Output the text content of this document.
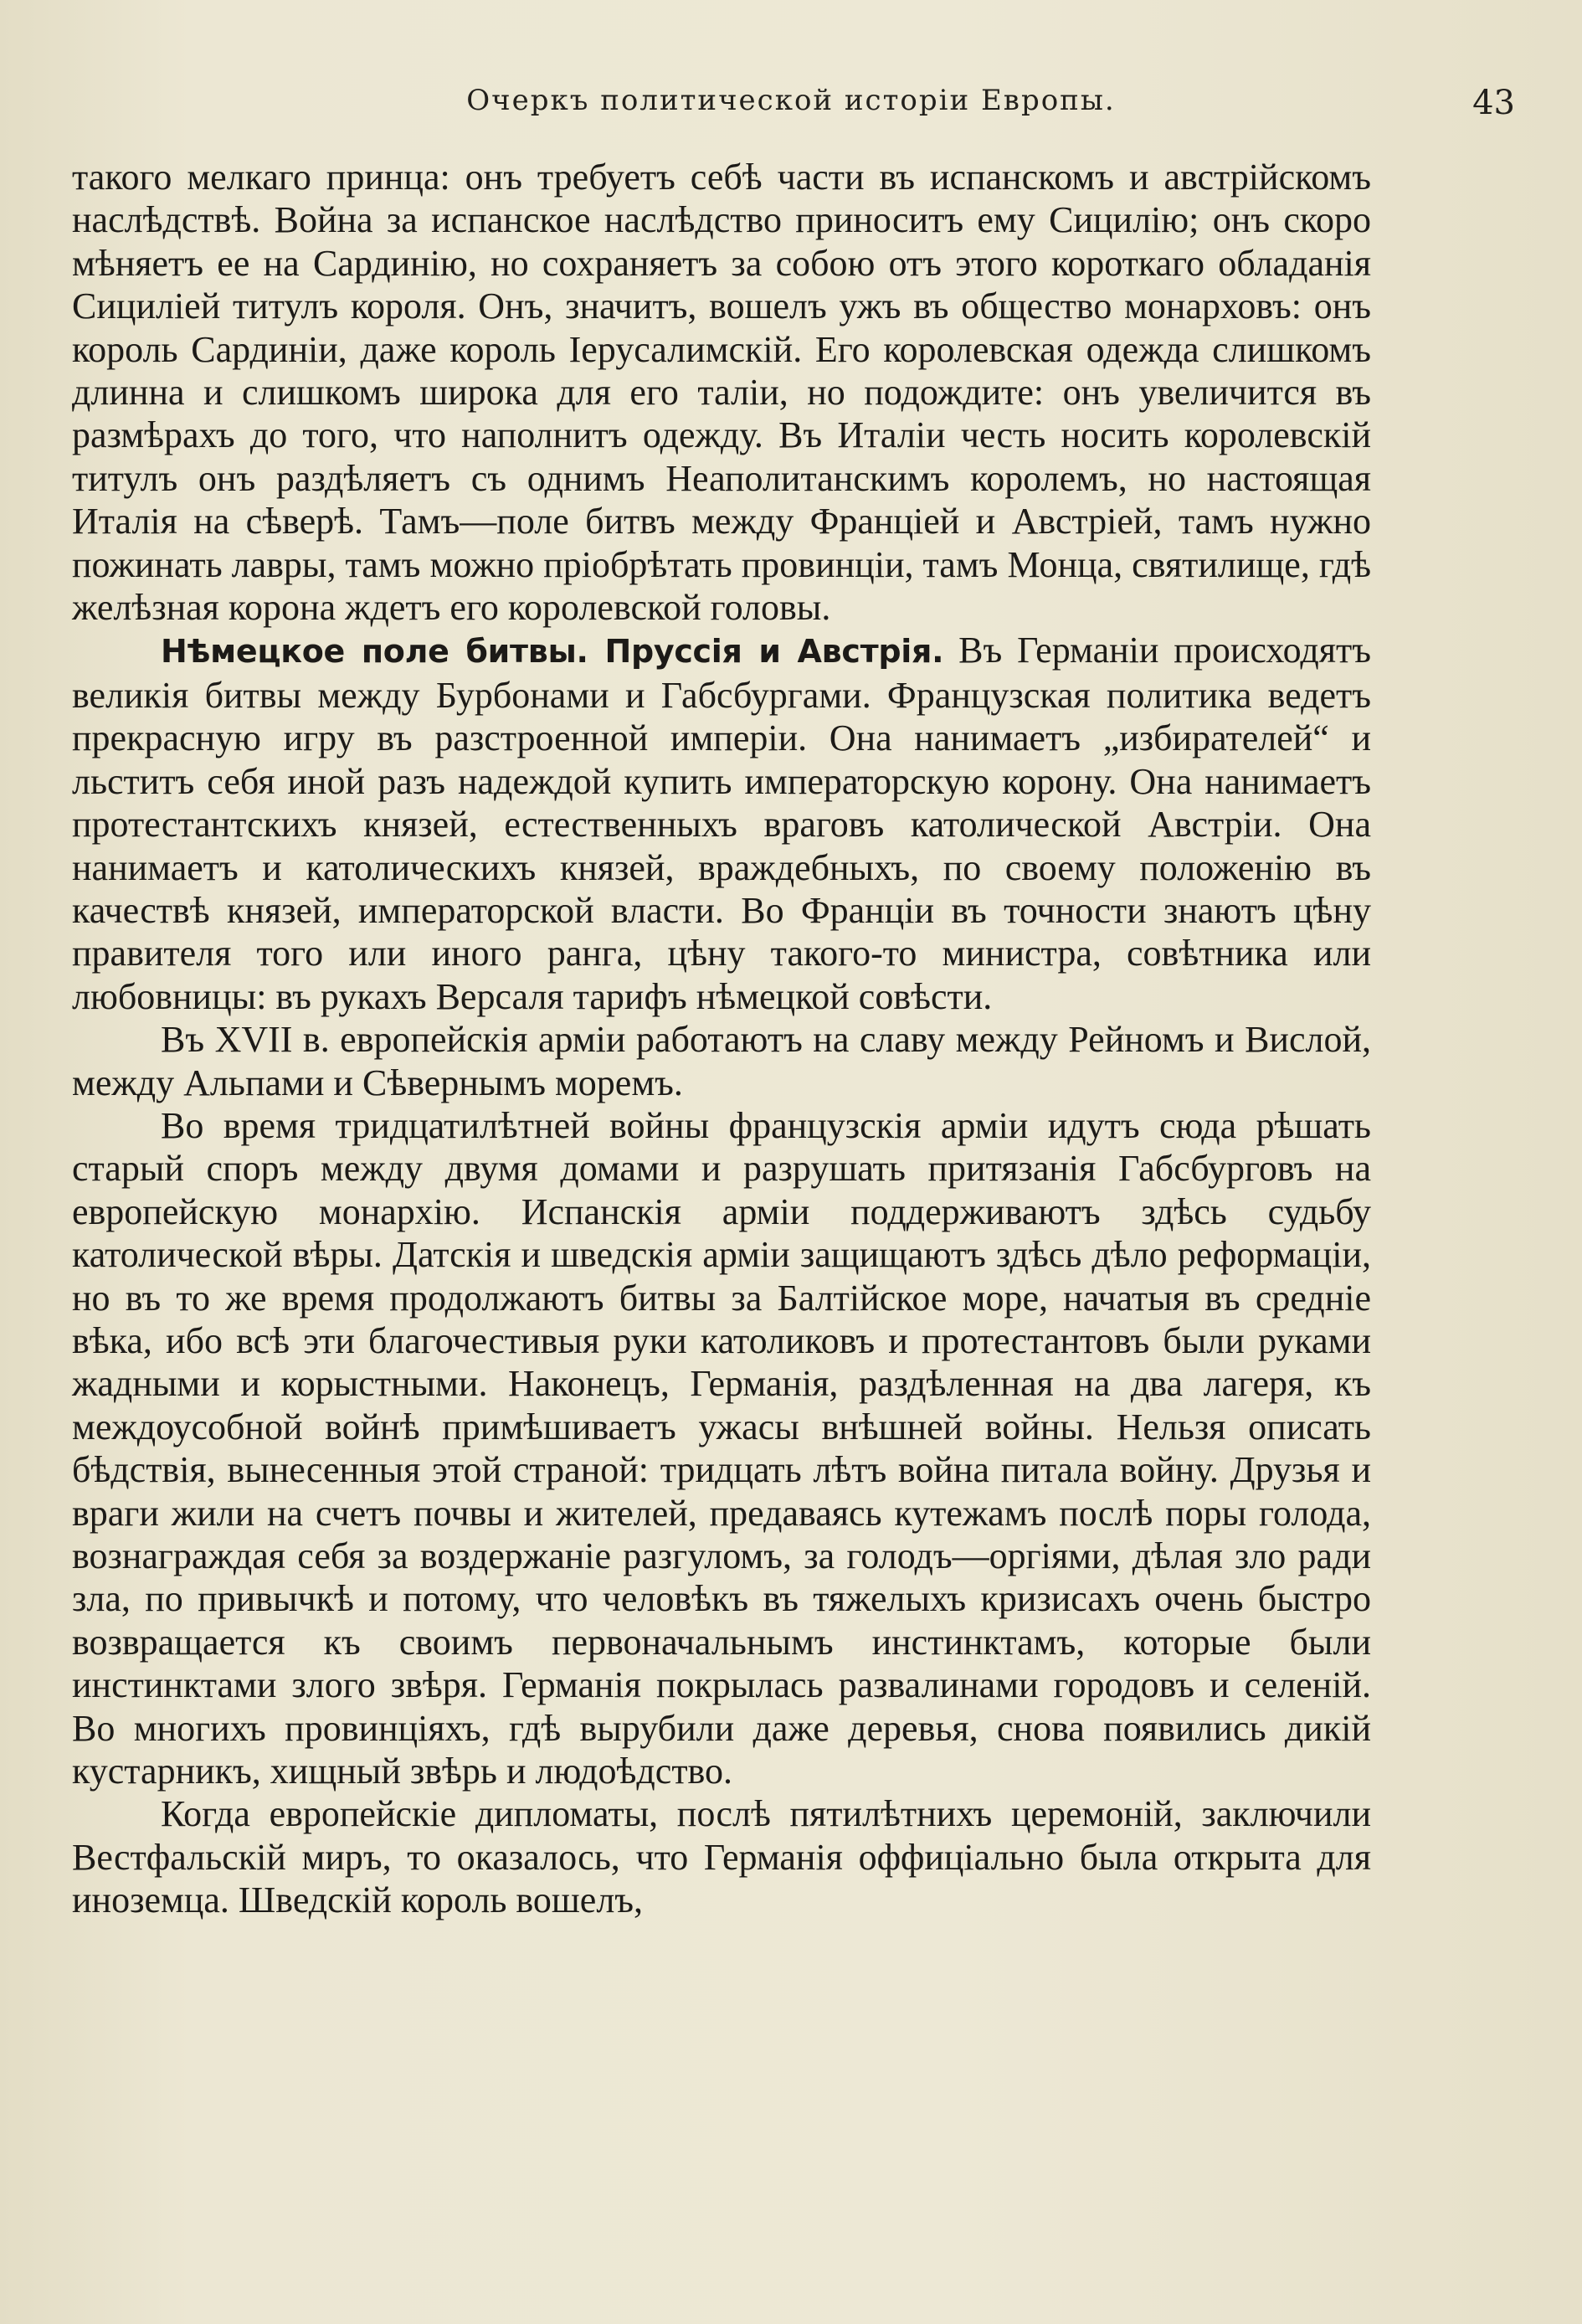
Очеркъ политической исторіи Европы.	43

такого мелкаго принца: онъ требуетъ себѣ части въ испанскомъ и австрійскомъ наслѣдствѣ. Война за испанское наслѣдство приноситъ ему Сицилію; онъ скоро мѣняетъ ее на Сардинію, но сохраняетъ за собою отъ этого короткаго обладанія Сициліей титулъ короля. Онъ, значитъ, вошелъ ужъ въ общество монарховъ: онъ король Сардиніи, даже король Іерусалимскій. Его королевская одежда слишкомъ длинна и слишкомъ широка для его таліи, но подождите: онъ увеличится въ размѣрахъ до того, что наполнитъ одежду. Въ Италіи честь носить королевскій титулъ онъ раздѣляетъ съ однимъ Неаполитанскимъ королемъ, но настоящая Италія на сѣверѣ. Тамъ—поле битвъ между Франціей и Австріей, тамъ нужно пожинать лавры, тамъ можно пріобрѣтать провинціи, тамъ Монца, святилище, гдѣ желѣзная корона ждетъ его королевской головы.

Нѣмецкое поле битвы. Пруссія и Австрія. Въ Германіи происходятъ великія битвы между Бурбонами и Габсбургами. Французская политика ведетъ прекрасную игру въ разстроенной имперіи. Она нанимаетъ „избирателей“ и льститъ себя иной разъ надеждой купить императорскую корону. Она нанимаетъ протестантскихъ князей, естественныхъ враговъ католической Австріи. Она нанимаетъ и католическихъ князей, враждебныхъ, по своему положенію въ качествѣ князей, императорской власти. Во Франціи въ точности знаютъ цѣну правителя того или иного ранга, цѣну такого-то министра, совѣтника или любовницы: въ рукахъ Версаля тарифъ нѣмецкой совѣсти.

Въ XVII в. европейскія арміи работаютъ на славу между Рейномъ и Вислой, между Альпами и Сѣвернымъ моремъ.

Во время тридцатилѣтней войны французскія арміи идутъ сюда рѣшать старый споръ между двумя домами и разрушать притязанія Габсбурговъ на европейскую монархію. Испанскія арміи поддерживаютъ здѣсь судьбу католической вѣры. Датскія и шведскія арміи защищаютъ здѣсь дѣло реформаціи, но въ то же время продолжаютъ битвы за Балтійское море, начатыя въ средніе вѣка, ибо всѣ эти благочестивыя руки католиковъ и протестантовъ были руками жадными и корыстными. Наконецъ, Германія, раздѣленная на два лагеря, къ междоусобной войнѣ примѣшиваетъ ужасы внѣшней войны. Нельзя описать бѣдствія, вынесенныя этой страной: тридцать лѣтъ война питала войну. Друзья и враги жили на счетъ почвы и жителей, предаваясь кутежамъ послѣ поры голода, вознаграждая себя за воздержаніе разгуломъ, за голодъ—оргіями, дѣлая зло ради зла, по привычкѣ и потому, что человѣкъ въ тяжелыхъ кризисахъ очень быстро возвращается къ своимъ первоначальнымъ инстинктамъ, которые были инстинктами злого звѣря. Германія покрылась развалинами городовъ и селеній. Во многихъ провинціяхъ, гдѣ вырубили даже деревья, снова появились дикій кустарникъ, хищный звѣрь и людоѣдство.

Когда европейскіе дипломаты, послѣ пятилѣтнихъ церемоній, заключили Вестфальскій миръ, то оказалось, что Германія оффиціально была открыта для иноземца. Шведскій король вошелъ,
